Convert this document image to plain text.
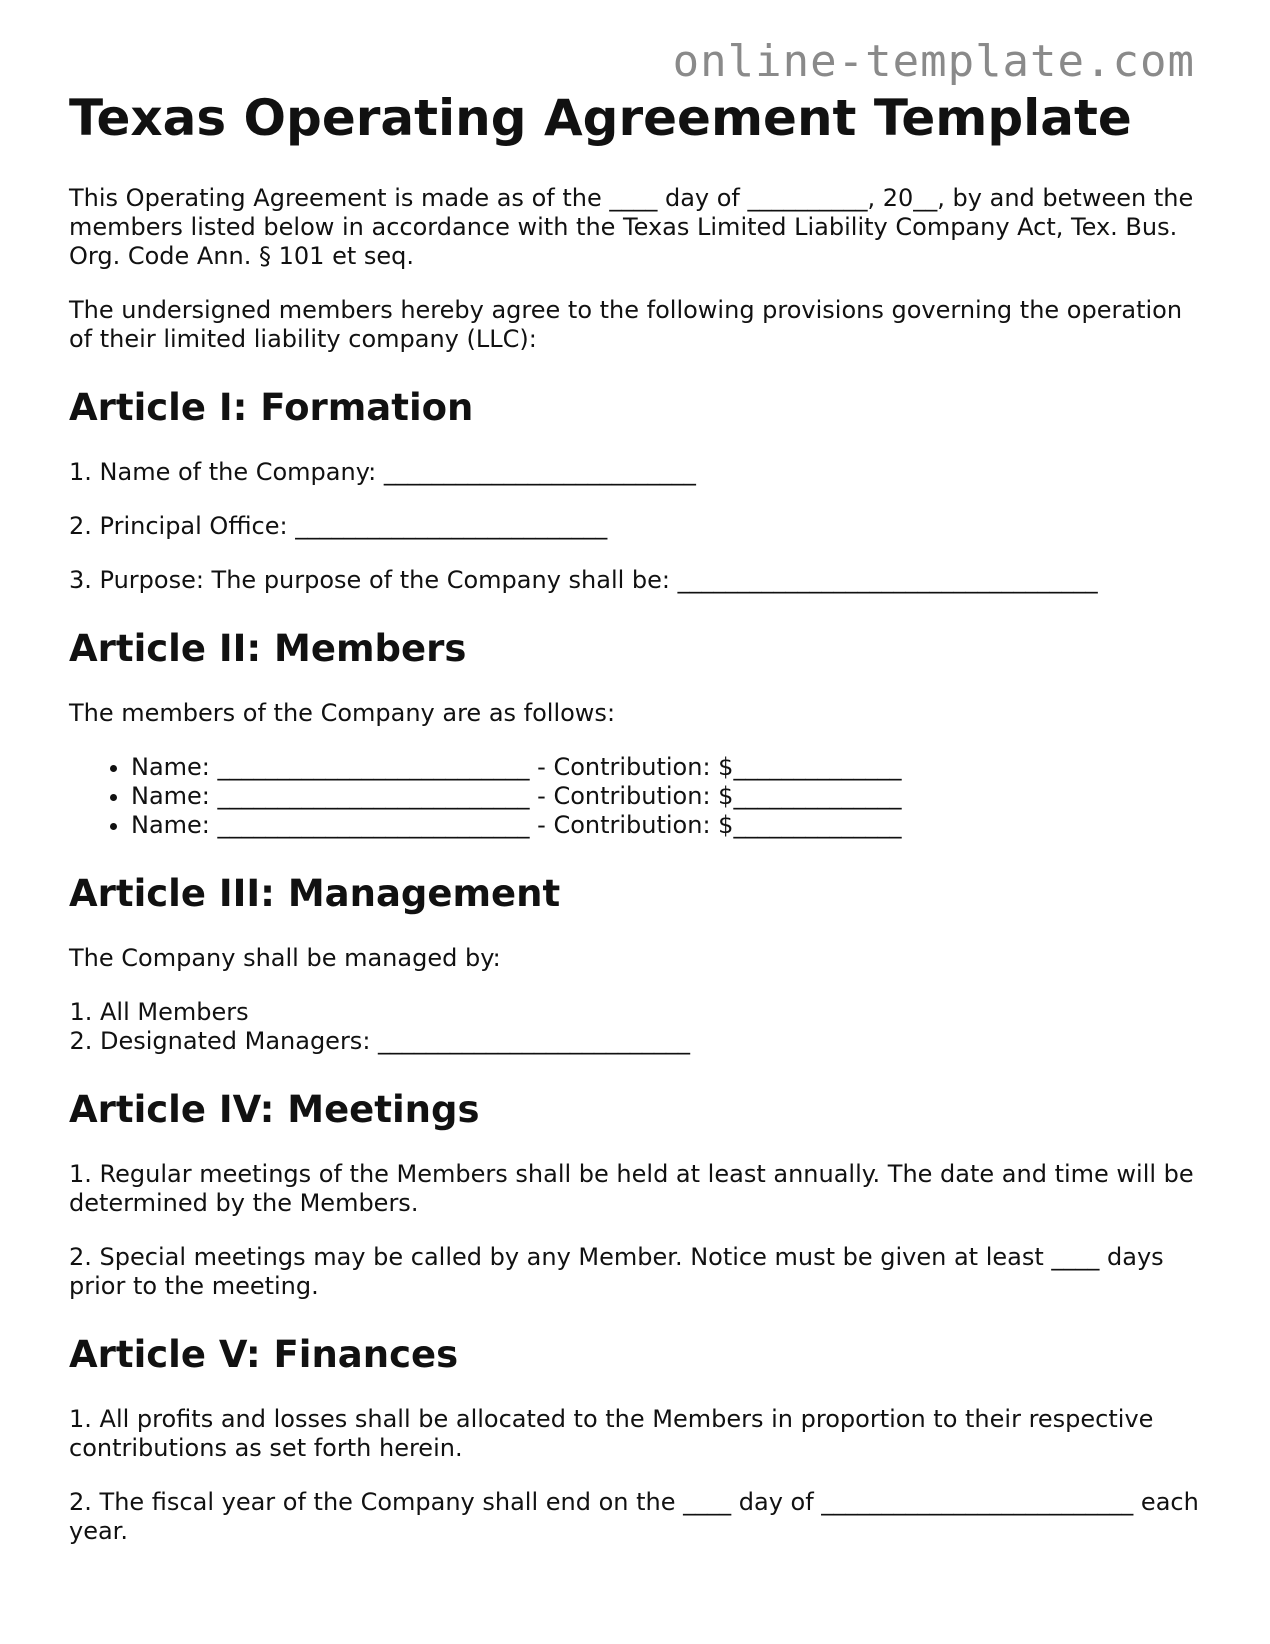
online-template.com
Texas Operating Agreement Template

This Operating Agreement is made as of the ____ day of __________, 20__, by and between the members listed below in accordance with the Texas Limited Liability Company Act, Tex. Bus. Org. Code Ann. § 101 et seq.

The undersigned members hereby agree to the following provisions governing the operation of their limited liability company (LLC):

Article I: Formation

1. Name of the Company: __________________________

2. Principal Office: __________________________

3. Purpose: The purpose of the Company shall be: ___________________________________

Article II: Members

The members of the Company are as follows:

• Name: __________________________ - Contribution: $______________
• Name: __________________________ - Contribution: $______________
• Name: __________________________ - Contribution: $______________
Article III: Management

The Company shall be managed by:

1. All Members
2. Designated Managers: __________________________
Article IV: Meetings

1. Regular meetings of the Members shall be held at least annually. The date and time will be determined by the Members.

2. Special meetings may be called by any Member. Notice must be given at least ____ days prior to the meeting.

Article V: Finances

1. All profits and losses shall be allocated to the Members in proportion to their respective contributions as set forth herein.

2. The fiscal year of the Company shall end on the ____ day of __________________________ each year.
